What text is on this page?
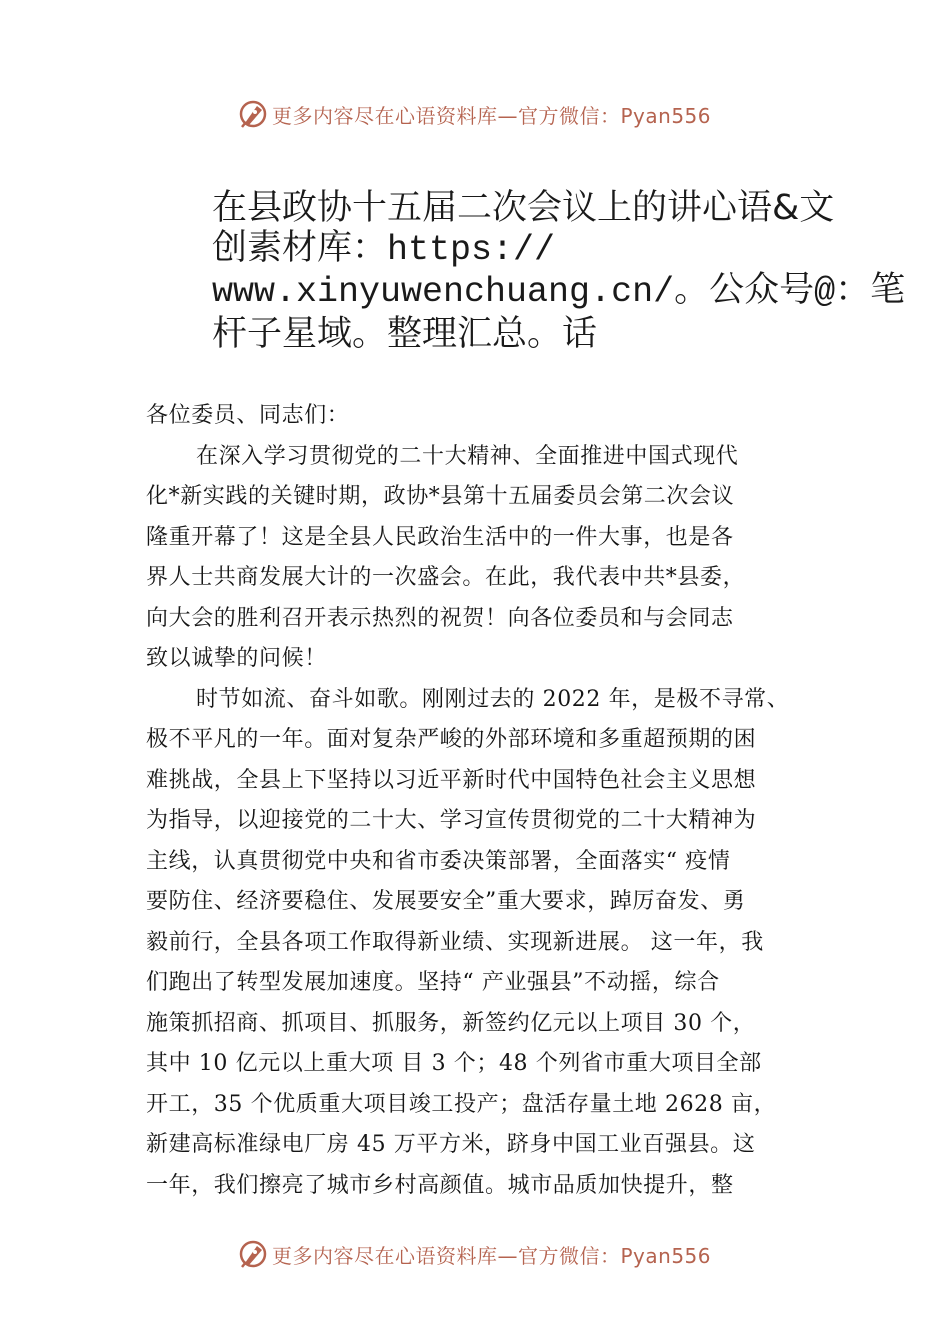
更多内容尽在心语资料库—官方微信：Pyan556
在县政协十五届二次会议上的讲心语&文
创素材库：https://
www.xinyuwenchuang.cn/。公众号@：笔
杆子星域。整理汇总。话
各位委员、同志们：
在深入学习贯彻党的二十大精神、全面推进中国式现代
化*新实践的关键时期，政协*县第十五届委员会第二次会议
隆重开幕了！这是全县人民政治生活中的一件大事，也是各
界人士共商发展大计的一次盛会。在此，我代表中共*县委，
向大会的胜利召开表示热烈的祝贺！向各位委员和与会同志
致以诚挚的问候！
时节如流、奋斗如歌。刚刚过去的 2022 年，是极不寻常、
极不平凡的一年。面对复杂严峻的外部环境和多重超预期的困
难挑战，全县上下坚持以习近平新时代中国特色社会主义思想
为指导，以迎接党的二十大、学习宣传贯彻党的二十大精神为
主线，认真贯彻党中央和省市委决策部署，全面落实“ 疫情
要防住、经济要稳住、发展要安全”重大要求，踔厉奋发、勇
毅前行，全县各项工作取得新业绩、实现新进展。 这一年，我
们跑出了转型发展加速度。坚持“ 产业强县”不动摇，综合
施策抓招商、抓项目、抓服务，新签约亿元以上项目 30 个，
其中 10 亿元以上重大项 目 3 个；48 个列省市重大项目全部
开工，35 个优质重大项目竣工投产；盘活存量土地 2628 亩，
新建高标准绿电厂房 45 万平方米，跻身中国工业百强县。这
一年，我们擦亮了城市乡村高颜值。城市品质加快提升，整
更多内容尽在心语资料库—官方微信：Pyan556
